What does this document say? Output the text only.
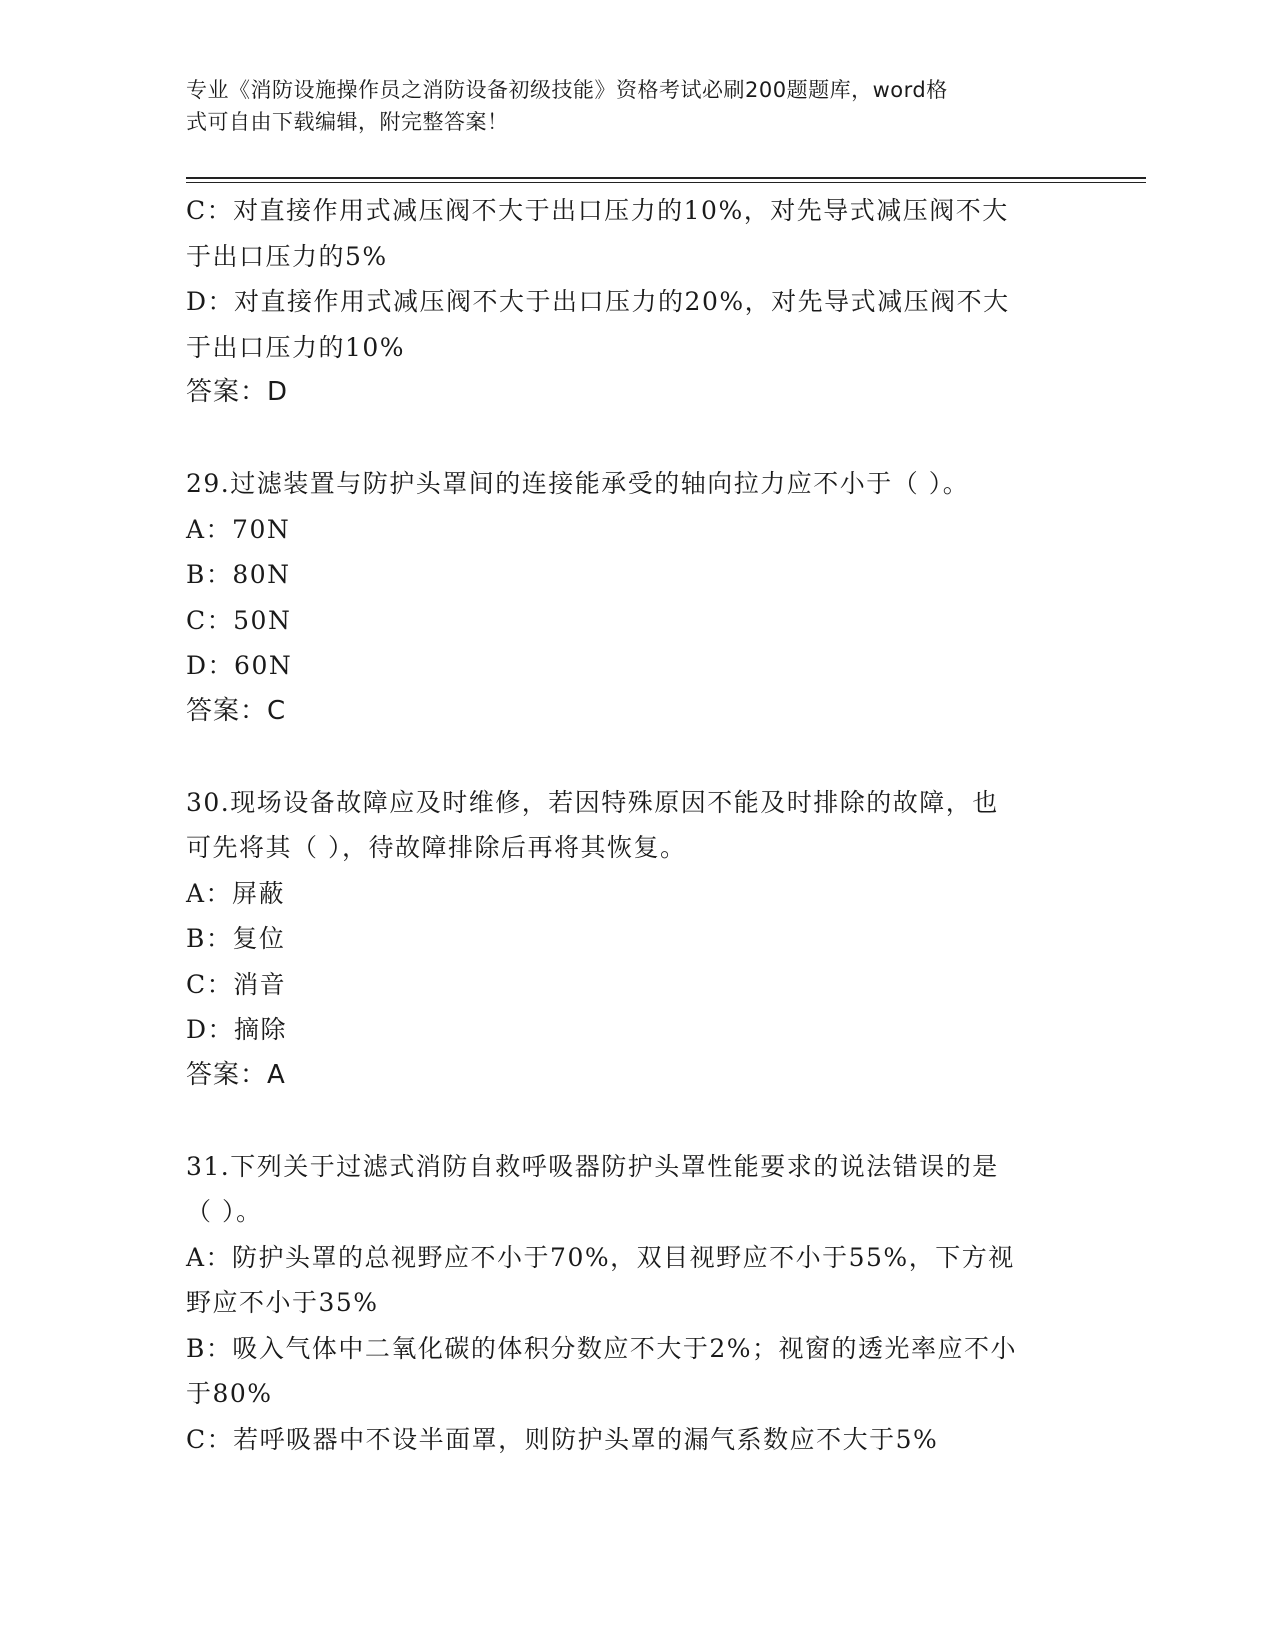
专业《消防设施操作员之消防设备初级技能》资格考试必刷200题题库，word格
式可自由下载编辑，附完整答案！
C：对直接作用式减压阀不大于出口压力的10%，对先导式减压阀不大
于出口压力的5%
D：对直接作用式减压阀不大于出口压力的20%，对先导式减压阀不大
于出口压力的10%
答案：D
29.过滤装置与防护头罩间的连接能承受的轴向拉力应不小于（ ）。
A：70N
B：80N
C：50N
D：60N
答案：C
30.现场设备故障应及时维修，若因特殊原因不能及时排除的故障，也
可先将其（ ），待故障排除后再将其恢复。
A：屏蔽
B：复位
C：消音
D：摘除
答案：A
31.下列关于过滤式消防自救呼吸器防护头罩性能要求的说法错误的是
（ ）。
A：防护头罩的总视野应不小于70%，双目视野应不小于55%，下方视
野应不小于35%
B：吸入气体中二氧化碳的体积分数应不大于2%；视窗的透光率应不小
于80%
C：若呼吸器中不设半面罩，则防护头罩的漏气系数应不大于5%
